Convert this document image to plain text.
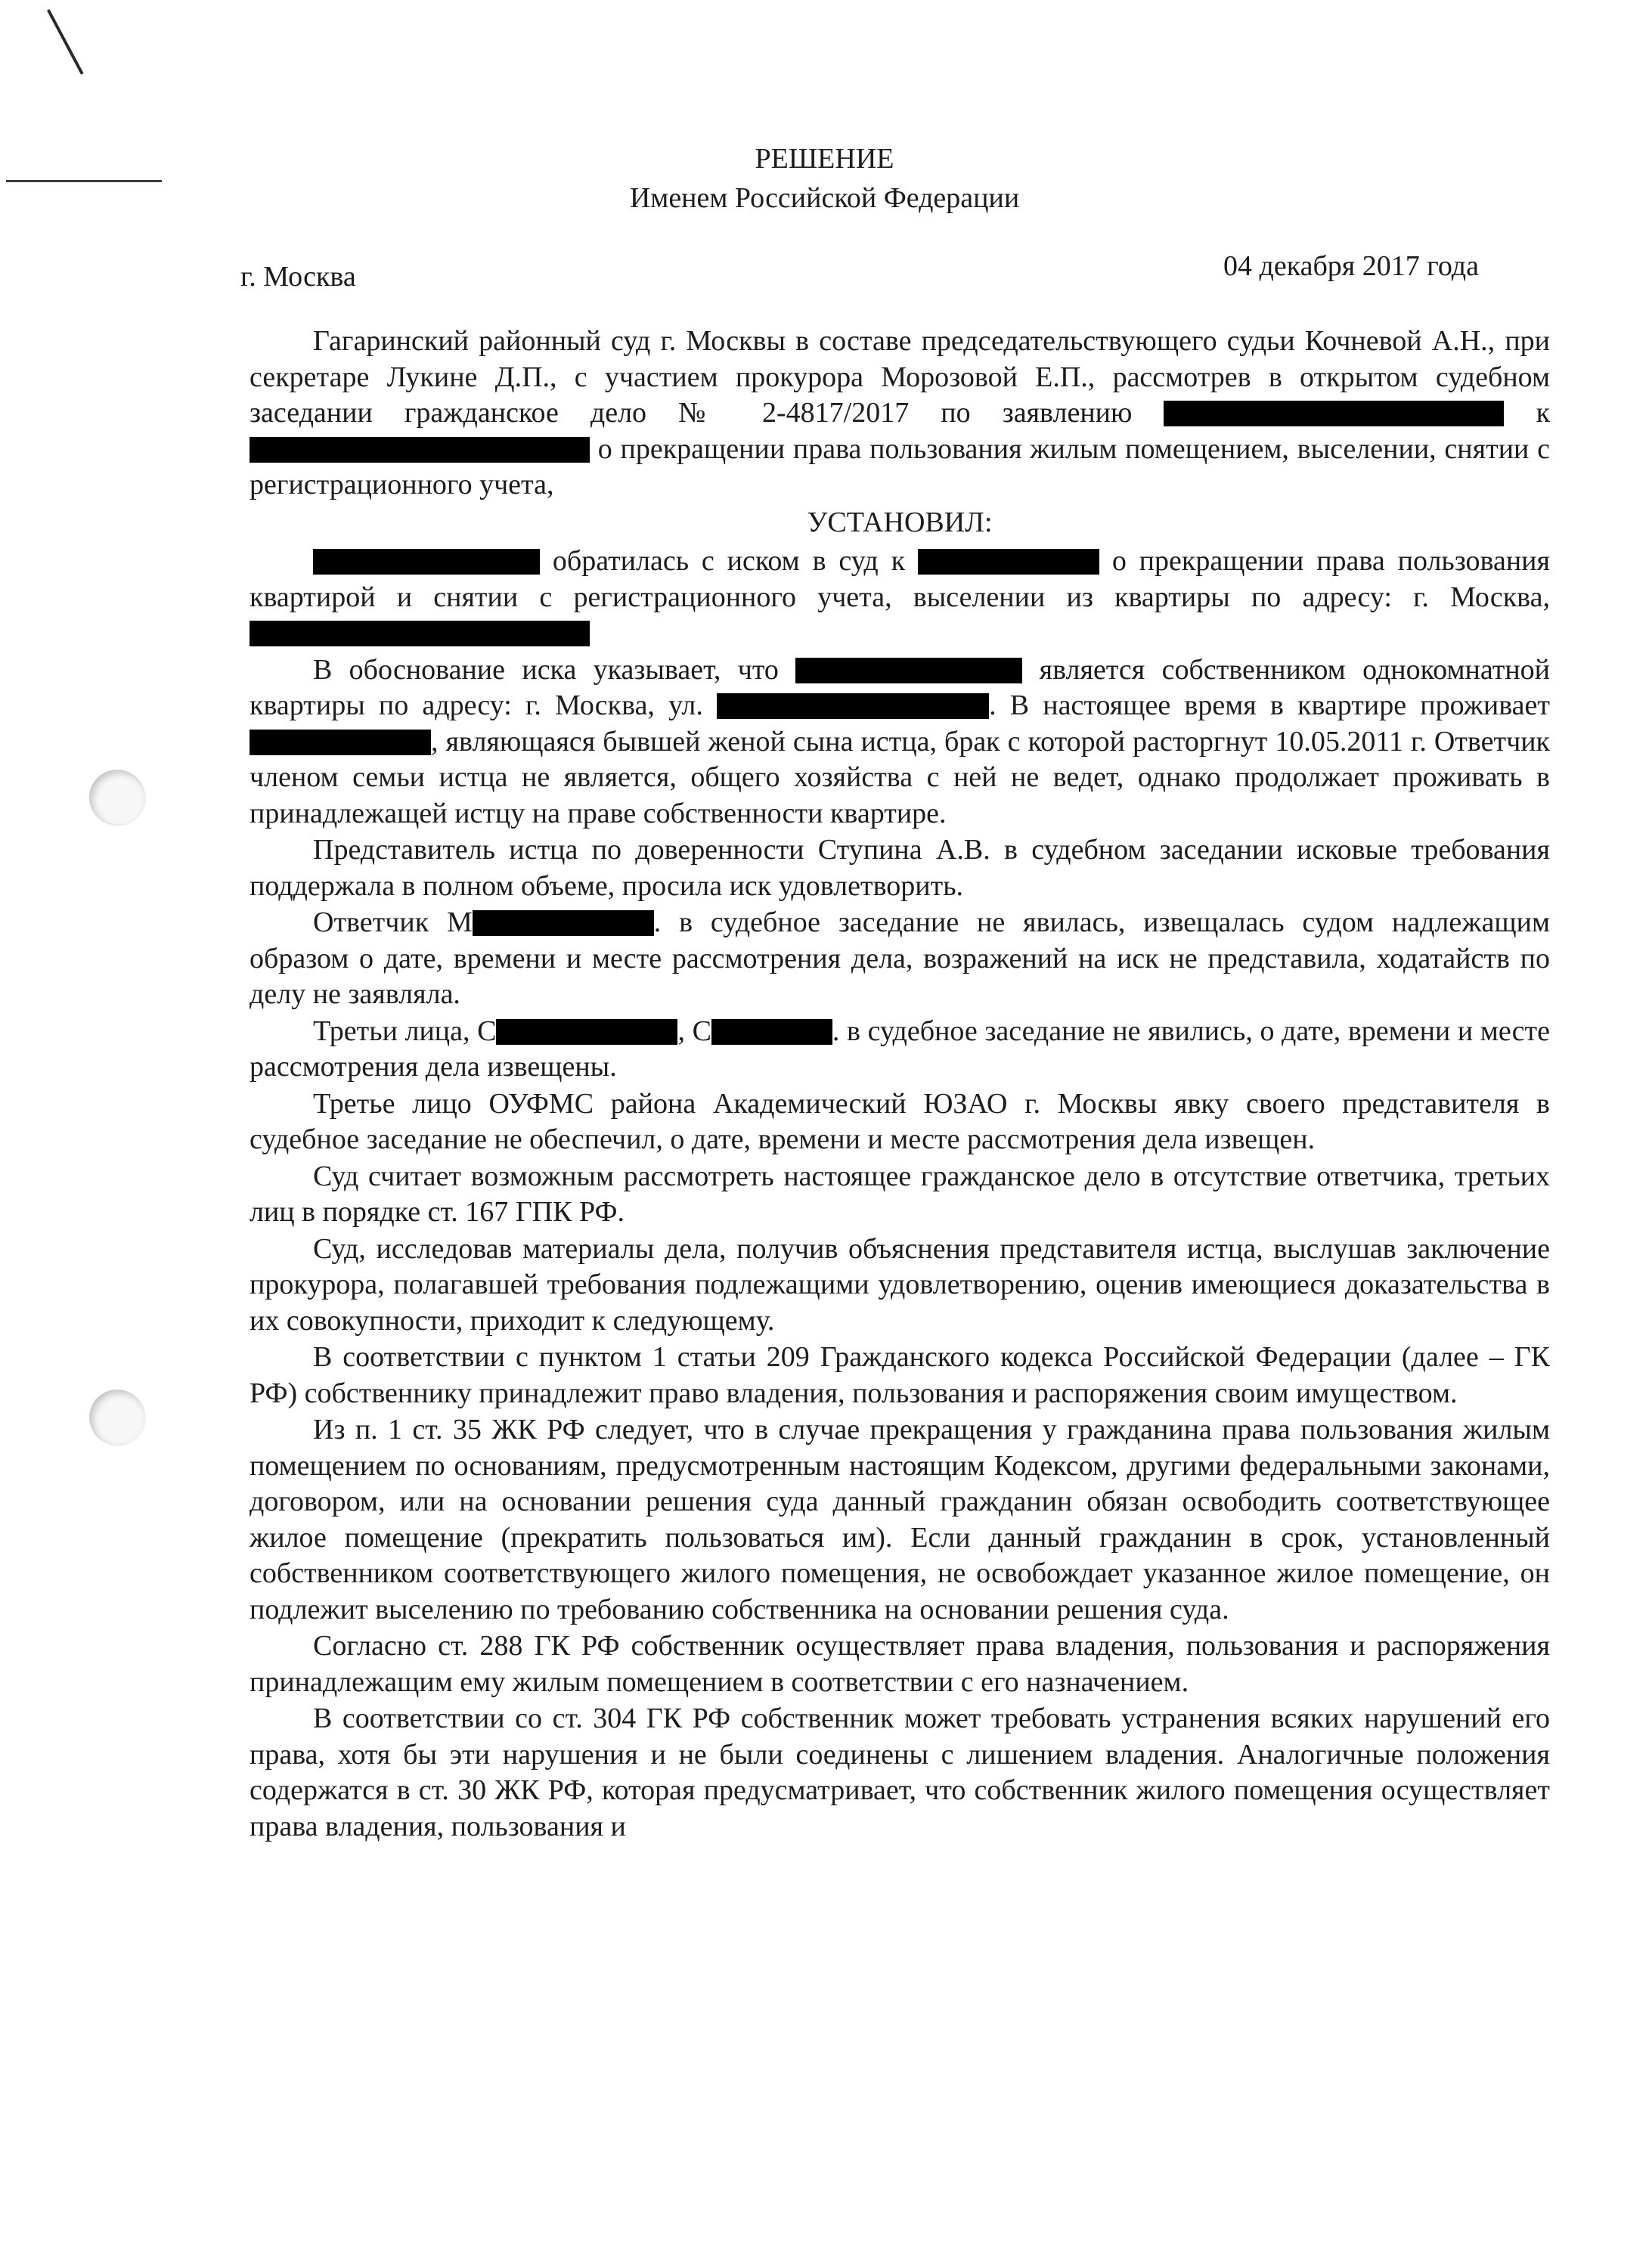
РЕШЕНИЕ
Именем Российской Федерации
г. Москва	04 декабря 2017 года

Гагаринский районный суд г. Москвы в составе председательствующего судьи Кочневой А.Н., при секретаре Лукине Д.П., с участием прокурора Морозовой Е.П., рассмотрев в открытом судебном заседании гражданское дело № 2-4817/2017 по заявлению	к  о прекращении права пользования жилым помещением, выселении, снятии с регистрационного учета,

УСТАНОВИЛ:

обратилась с иском в суд к	о прекращении права пользования квартирой и снятии с регистрационного учета, выселении из квартиры по адресу: г. Москва,

В обоснование иска указывает, что	является собственником однокомнатной квартиры по адресу: г. Москва, ул.	. В настоящее время в квартире проживает , являющаяся бывшей женой сына истца, брак с которой расторгнут 10.05.2011 г. Ответчик членом семьи истца не является, общего хозяйства с ней не ведет, однако продолжает проживать в принадлежащей истцу на праве собственности квартире.

Представитель истца по доверенности Ступина А.В. в судебном заседании исковые требования поддержала в полном объеме, просила иск удовлетворить.

Ответчик М	. в судебное заседание не явилась, извещалась судом надлежащим образом о дате, времени и месте рассмотрения дела, возражений на иск не представила, ходатайств по делу не заявляла.

Третьи лица, С	, С	. в судебное заседание не явились, о дате, времени и месте рассмотрения дела извещены.

Третье лицо ОУФМС района Академический ЮЗАО г. Москвы явку своего представителя в судебное заседание не обеспечил, о дате, времени и месте рассмотрения дела извещен.

Суд считает возможным рассмотреть настоящее гражданское дело в отсутствие ответчика, третьих лиц в порядке ст. 167 ГПК РФ.

Суд, исследовав материалы дела, получив объяснения представителя истца, выслушав заключение прокурора, полагавшей требования подлежащими удовлетворению, оценив имеющиеся доказательства в их совокупности, приходит к следующему.

В соответствии с пунктом 1 статьи 209 Гражданского кодекса Российской Федерации (далее – ГК РФ) собственнику принадлежит право владения, пользования и распоряжения своим имуществом.

Из п. 1 ст. 35 ЖК РФ следует, что в случае прекращения у гражданина права пользования жилым помещением по основаниям, предусмотренным настоящим Кодексом, другими федеральными законами, договором, или на основании решения суда данный гражданин обязан освободить соответствующее жилое помещение (прекратить пользоваться им). Если данный гражданин в срок, установленный собственником соответствующего жилого помещения, не освобождает указанное жилое помещение, он подлежит выселению по требованию собственника на основании решения суда.

Согласно ст. 288 ГК РФ собственник осуществляет права владения, пользования и распоряжения принадлежащим ему жилым помещением в соответствии с его назначением.

В соответствии со ст. 304 ГК РФ собственник может требовать устранения всяких нарушений его права, хотя бы эти нарушения и не были соединены с лишением владения. Аналогичные положения содержатся в ст. 30 ЖК РФ, которая предусматривает, что собственник жилого помещения осуществляет права владения, пользования и
